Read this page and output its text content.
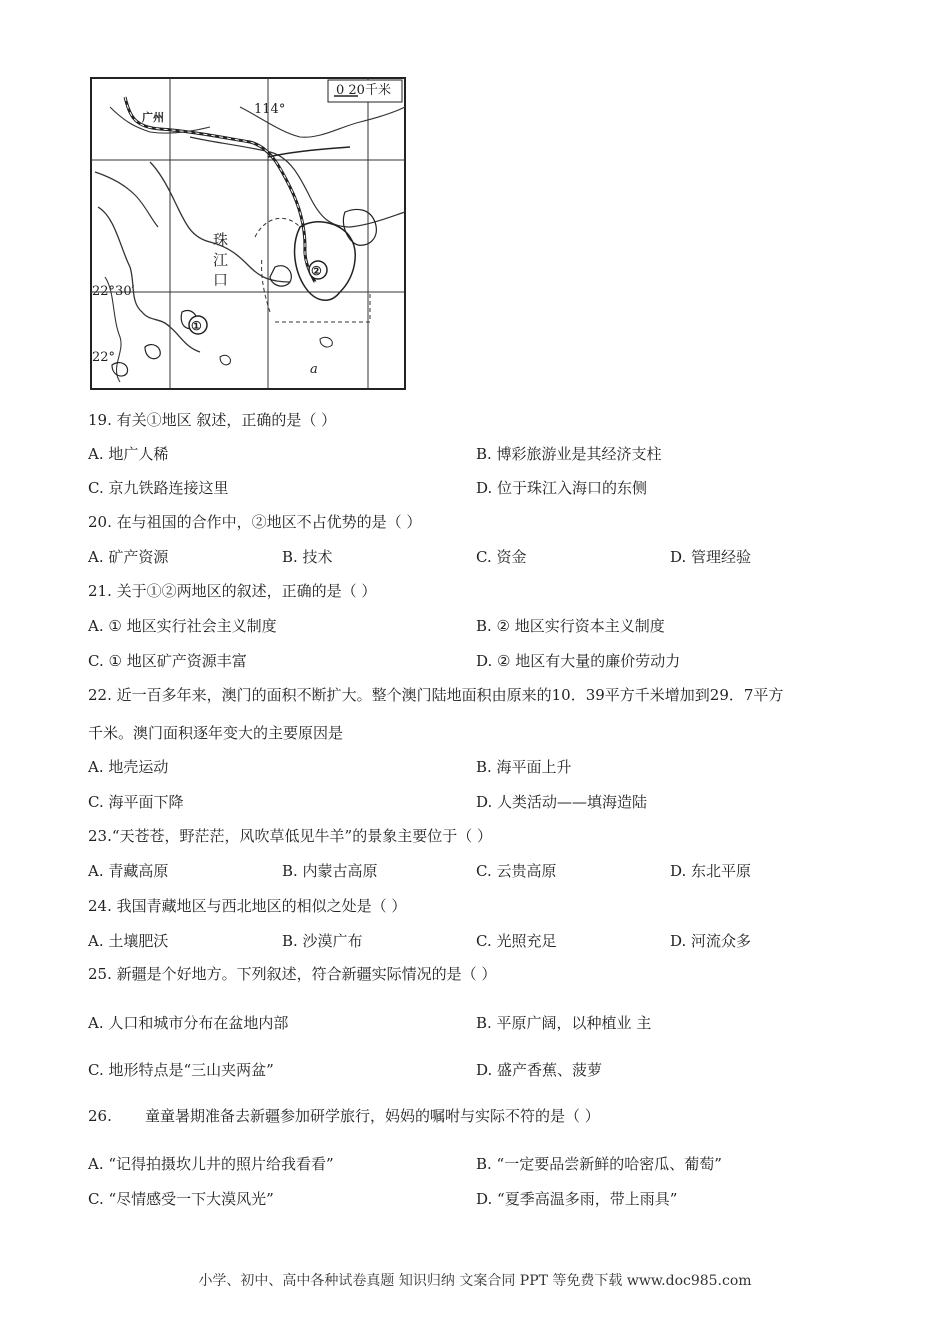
0 20千米
114°
广州
珠
江
口
22°30′
22°
①
②
a
19. 有关①地区 叙述，正确的是（ ）
A. 地广人稀	B. 博彩旅游业是其经济支柱
C. 京九铁路连接这里	D. 位于珠江入海口的东侧
20. 在与祖国的合作中，②地区不占优势的是（ ）
A. 矿产资源	B. 技术	C. 资金	D. 管理经验
21. 关于①②两地区的叙述，正确的是（ ）
A. ① 地区实行社会主义制度	B. ② 地区实行资本主义制度
C. ① 地区矿产资源丰富	D. ② 地区有大量的廉价劳动力
22. 近一百多年来，澳门的面积不断扩大。整个澳门陆地面积由原来的10．39平方千米增加到29．7平方
千米。澳门面积逐年变大的主要原因是
A. 地壳运动	B. 海平面上升
C. 海平面下降	D. 人类活动——填海造陆
23.“天苍苍，野茫茫，风吹草低见牛羊”的景象主要位于（ ）
A. 青藏高原	B. 内蒙古高原	C. 云贵高原	D. 东北平原
24. 我国青藏地区与西北地区的相似之处是（ ）
A. 土壤肥沃	B. 沙漠广布	C. 光照充足	D. 河流众多
25. 新疆是个好地方。下列叙述，符合新疆实际情况的是（ ）
A. 人口和城市分布在盆地内部	B. 平原广阔，以种植业 主
C. 地形特点是“三山夹两盆”	D. 盛产香蕉、菠萝
26. 童童暑期准备去新疆参加研学旅行，妈妈的嘱咐与实际不符的是（ ）
A. “记得拍摄坎儿井的照片给我看看”	B. “一定要品尝新鲜的哈密瓜、葡萄”
C. “尽情感受一下大漠风光”	D. “夏季高温多雨，带上雨具”
小学、初中、高中各种试卷真题 知识归纳 文案合同 PPT 等免费下载 www.doc985.com
